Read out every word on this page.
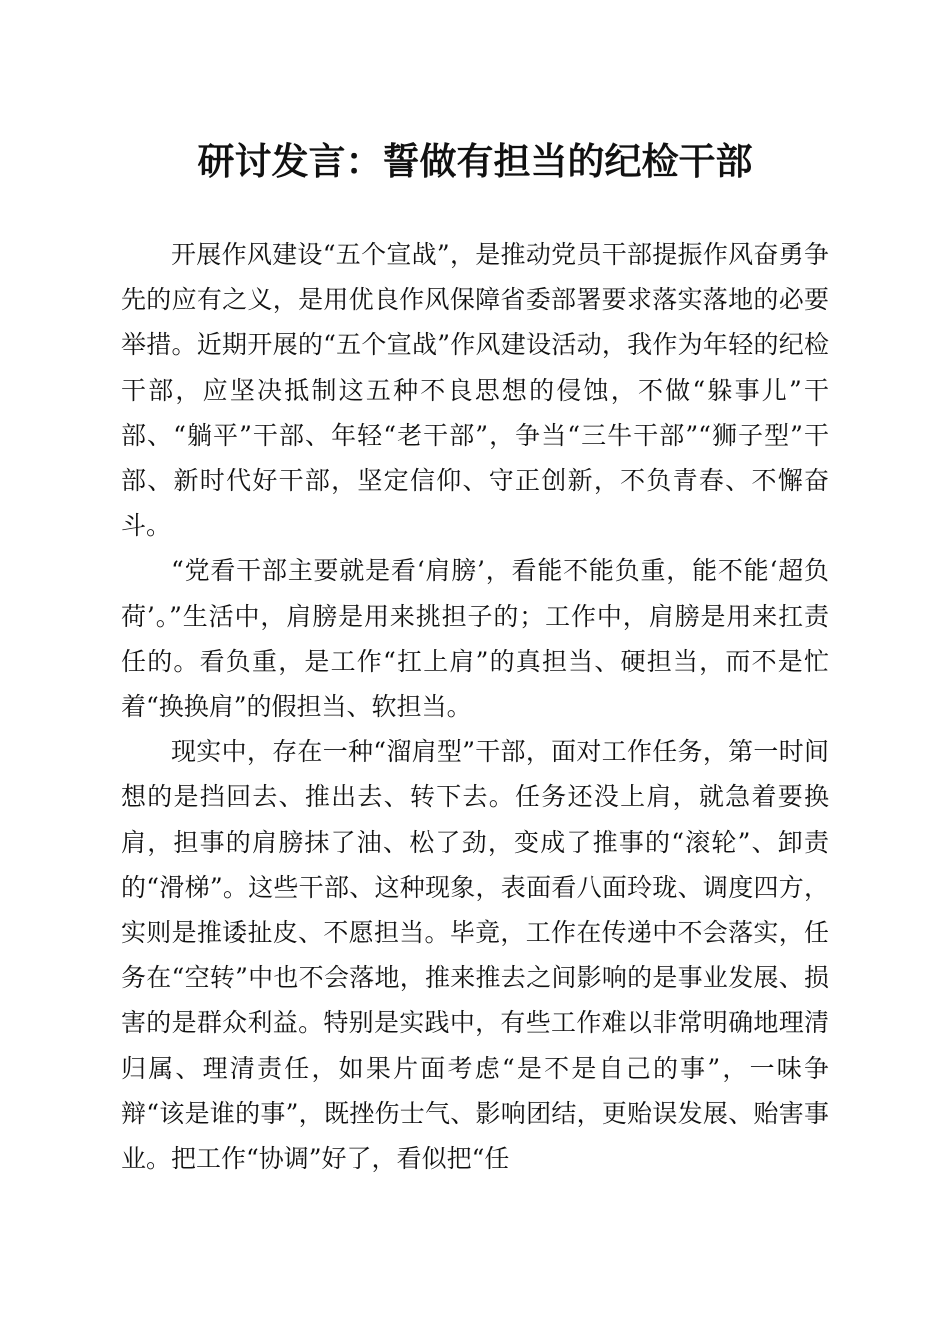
研讨发言：誓做有担当的纪检干部

开展作风建设“五个宣战”，是推动党员干部提振作风奋勇争先的应有之义，是用优良作风保障省委部署要求落实落地的必要举措。近期开展的“五个宣战”作风建设活动，我作为年轻的纪检干部，应坚决抵制这五种不良思想的侵蚀，不做“躲事儿”干部、“躺平”干部、年轻“老干部”，争当“三牛干部”“狮子型”干部、新时代好干部，坚定信仰、守正创新，不负青春、不懈奋斗。

“党看干部主要就是看‘肩膀’，看能不能负重，能不能‘超负荷’。”生活中，肩膀是用来挑担子的；工作中，肩膀是用来扛责任的。看负重，是工作“扛上肩”的真担当、硬担当，而不是忙着“换换肩”的假担当、软担当。

现实中，存在一种“溜肩型”干部，面对工作任务，第一时间想的是挡回去、推出去、转下去。任务还没上肩，就急着要换肩，担事的肩膀抹了油、松了劲，变成了推事的“滚轮”、卸责的“滑梯”。这些干部、这种现象，表面看八面玲珑、调度四方，实则是推诿扯皮、不愿担当。毕竟，工作在传递中不会落实，任务在“空转”中也不会落地，推来推去之间影响的是事业发展、损害的是群众利益。特别是实践中，有些工作难以非常明确地理清归属、理清责任，如果片面考虑“是不是自己的事”，一味争辩“该是谁的事”，既挫伤士气、影响团结，更贻误发展、贻害事业。把工作“协调”好了，看似把“任
